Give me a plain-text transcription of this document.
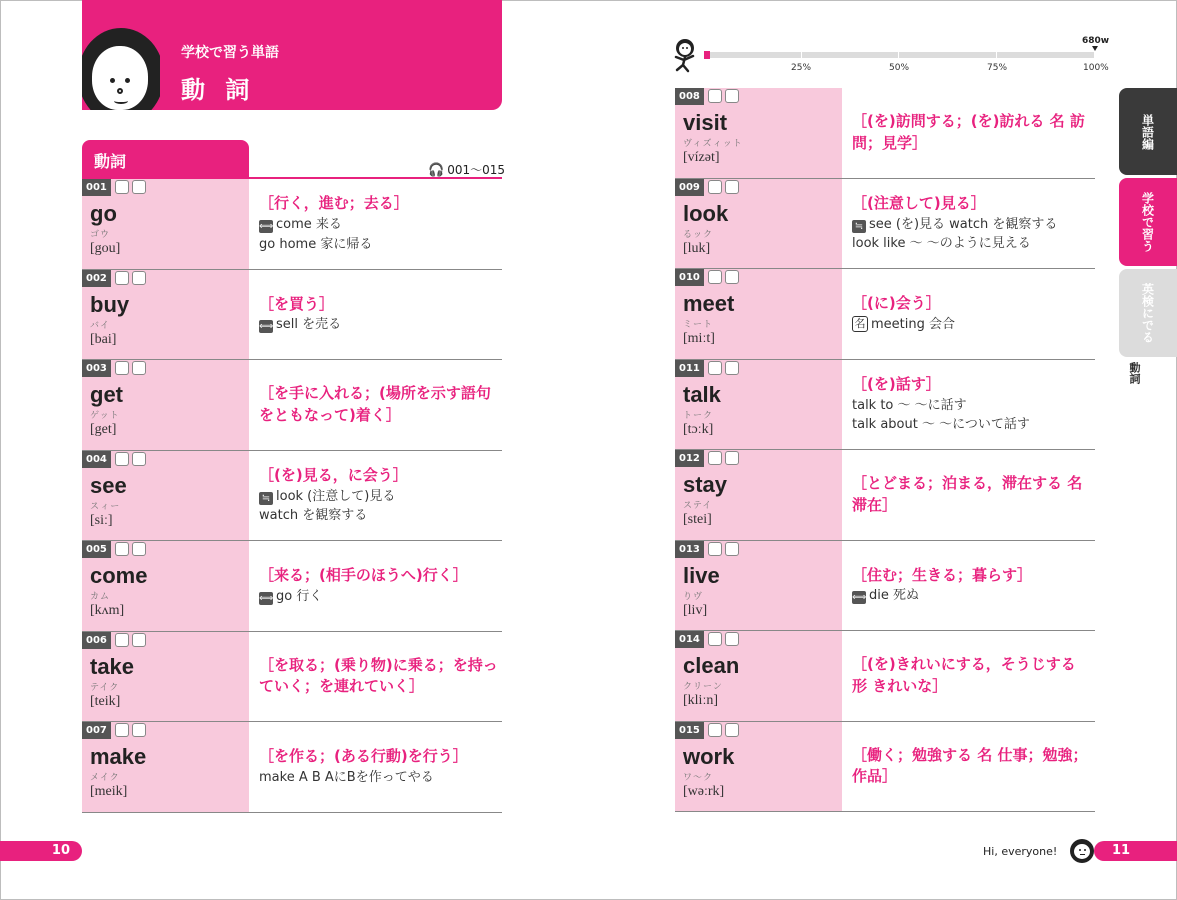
学校で習う単語
動 詞
動詞	🎧 001～015
001
go
ゴウ
[gou]
［行く，進む；去る］
⟺ come 来る
go home 家に帰る
002
buy
バイ
[bai]
［を買う］
⟺ sell を売る
003
get
ゲット
[get]
［を手に入れる；(場所を示す語句をともなって)着く］
004
see
スィー
[siː]
［(を)見る，に会う］
≒ look (注意して)見る
watch を観察する
005
come
カム
[kʌm]
［来る；(相手のほうへ)行く］
⟺ go 行く
006
take
テイク
[teik]
［を取る；(乗り物)に乗る；を持っていく；を連れていく］
007
make
メイク
[meik]
［を作る；(ある行動)を行う］
make A B AにBを作ってやる
25%	50%	75%	100%
680w
008
visit
ヴィズィット
[vízət]
［(を)訪問する；(を)訪れる 名 訪問；見学］
009
look
るック
[luk]
［(注意して)見る］
≒ see (を)見る watch を観察する
look like ～ ～のように見える
010
meet
ミート
[miːt]
［(に)会う］
名 meeting 会合
011
talk
トーク
[tɔːk]
［(を)話す］
talk to ～ ～に話す
talk about ～ ～について話す
012
stay
ステイ
[stei]
［とどまる；泊まる，滞在する 名 滞在］
013
live
りヴ
[liv]
［住む；生きる；暮らす］
⟺ die 死ぬ
014
clean
クリーン
[kliːn]
［(を)きれいにする，そうじする 形 きれいな］
015
work
ワ～ク
[wəːrk]
［働く；勉強する 名 仕事；勉強；作品］
単語編
学校で習う
英検にでる
動詞
10	Hi, everyone!	11
